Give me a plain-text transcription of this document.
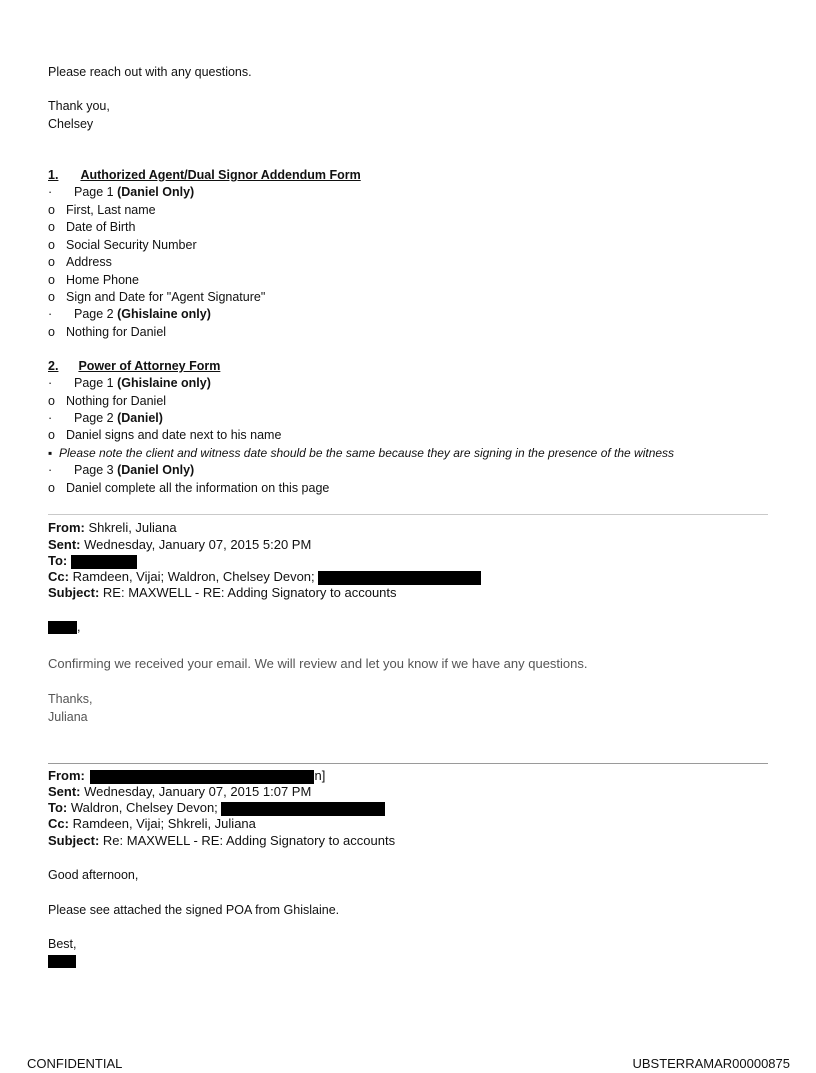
Please reach out with any questions.
Thank you,
Chelsey
1. Authorized Agent/Dual Signor Addendum Form
· Page 1 (Daniel Only)
o First, Last name
o Date of Birth
o Social Security Number
o Address
o Home Phone
o Sign and Date for "Agent Signature"
· Page 2 (Ghislaine only)
o Nothing for Daniel
2. Power of Attorney Form
· Page 1 (Ghislaine only)
o Nothing for Daniel
· Page 2 (Daniel)
o Daniel signs and date next to his name
▪ Please note the client and witness date should be the same because they are signing in the presence of the witness
· Page 3 (Daniel Only)
o Daniel complete all the information on this page
From: Shkreli, Juliana
Sent: Wednesday, January 07, 2015 5:20 PM
To:
Cc: Ramdeen, Vijai; Waldron, Chelsey Devon;
Subject: RE: MAXWELL - RE: Adding Signatory to accounts
,
Confirming we received your email. We will review and let you know if we have any questions.
Thanks,
Juliana
From:	n]
Sent: Wednesday, January 07, 2015 1:07 PM
To: Waldron, Chelsey Devon;
Cc: Ramdeen, Vijai; Shkreli, Juliana
Subject: Re: MAXWELL - RE: Adding Signatory to accounts
Good afternoon,
Please see attached the signed POA from Ghislaine.
Best,
CONFIDENTIAL	UBSTERRAMAR00000875
